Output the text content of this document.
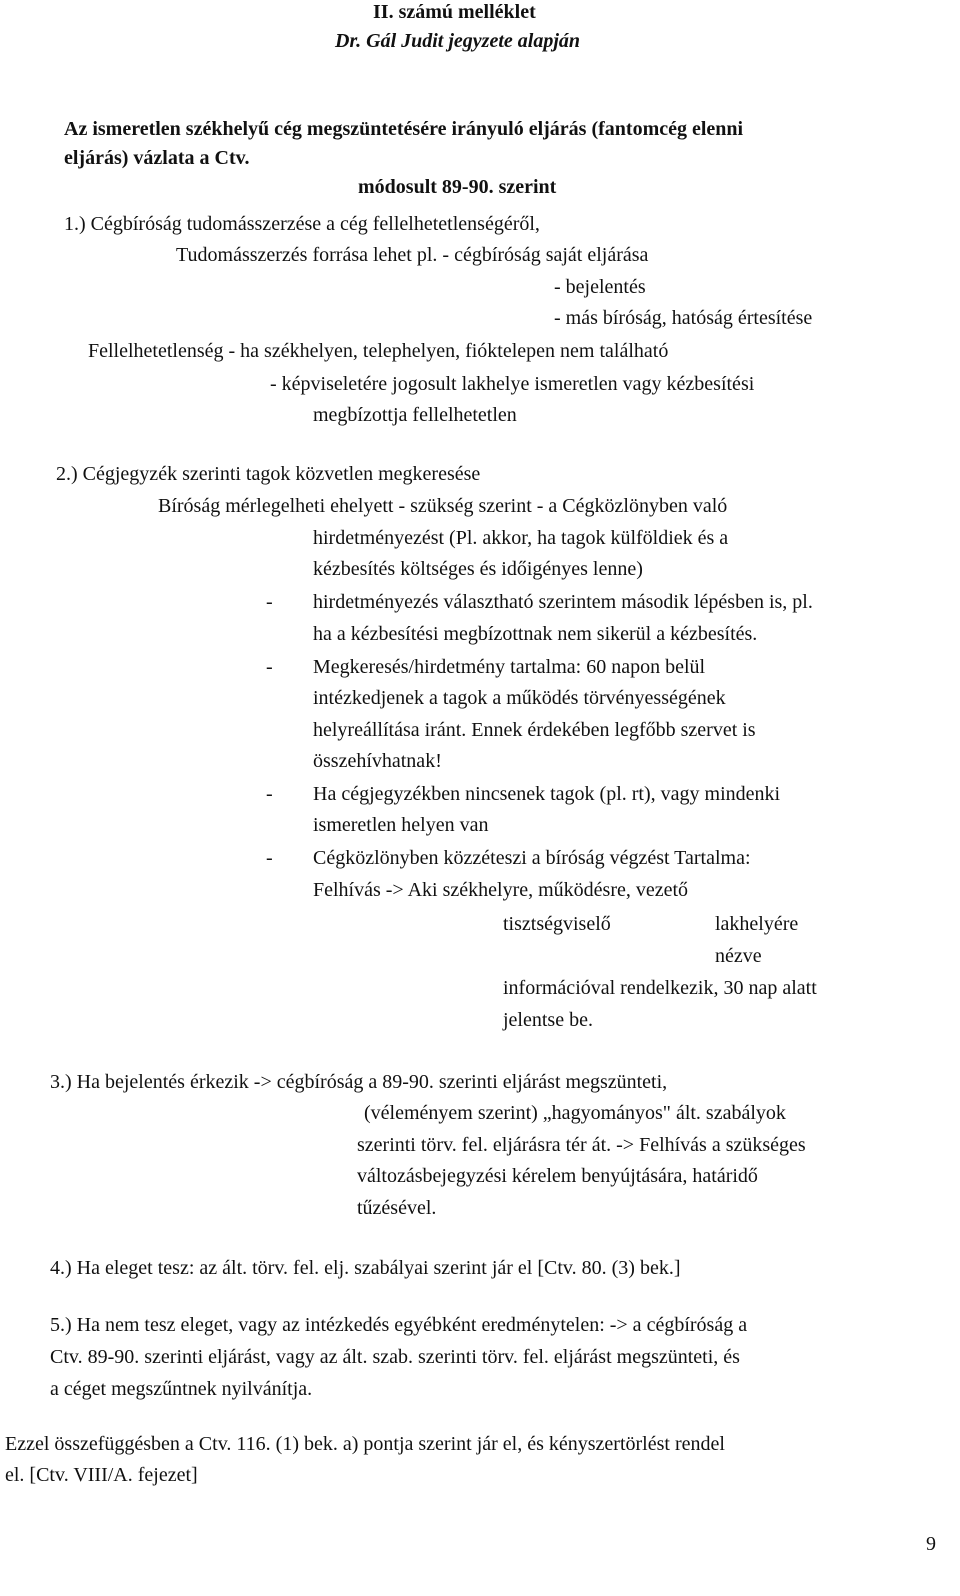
II. számú melléklet
Dr. Gál Judit jegyzete alapján
Az ismeretlen székhelyű cég megszüntetésére irányuló eljárás (fantomcég elenni
eljárás) vázlata a Ctv.
módosult 89-90. szerint
1.) Cégbíróság tudomásszerzése a cég fellelhetetlenségéről,
Tudomásszerzés forrása lehet pl. - cégbíróság saját eljárása
- bejelentés
- más bíróság, hatóság értesítése
Fellelhetetlenség - ha székhelyen, telephelyen, fióktelepen nem található
- képviseletére jogosult lakhelye ismeretlen vagy kézbesítési
megbízottja fellelhetetlen
2.) Cégjegyzék szerinti tagok közvetlen megkeresése
Bíróság mérlegelheti ehelyett - szükség szerint - a Cégközlönyben való
hirdetményezést (Pl. akkor, ha tagok külföldiek és a
kézbesítés költséges és időigényes lenne)
- hirdetményezés választható szerintem második lépésben is, pl.
ha a kézbesítési megbízottnak nem sikerül a kézbesítés.
- Megkeresés/hirdetmény tartalma: 60 napon belül
intézkedjenek a tagok a működés törvényességének
helyreállítása iránt. Ennek érdekében legfőbb szervet is
összehívhatnak!
- Ha cégjegyzékben nincsenek tagok (pl. rt), vagy mindenki
ismeretlen helyen van
- Cégközlönyben közzéteszi a bíróság végzést Tartalma:
Felhívás -> Aki székhelyre, működésre, vezető
tisztségviselő	lakhelyére
nézve
információval rendelkezik, 30 nap alatt
jelentse be.
3.) Ha bejelentés érkezik -> cégbíróság a 89-90. szerinti eljárást megszünteti,
(véleményem szerint) „hagyományos" ált. szabályok
szerinti törv. fel. eljárásra tér át. -> Felhívás a szükséges
változásbejegyzési kérelem benyújtására, határidő
tűzésével.
4.) Ha eleget tesz: az ált. törv. fel. elj. szabályai szerint jár el [Ctv. 80. (3) bek.]
5.) Ha nem tesz eleget, vagy az intézkedés egyébként eredménytelen: -> a cégbíróság a
Ctv. 89-90. szerinti eljárást, vagy az ált. szab. szerinti törv. fel. eljárást megszünteti, és
a céget megszűntnek nyilvánítja.
Ezzel összefüggésben a Ctv. 116. (1) bek. a) pontja szerint jár el, és kényszertörlést rendel
el. [Ctv. VIII/A. fejezet]
9
